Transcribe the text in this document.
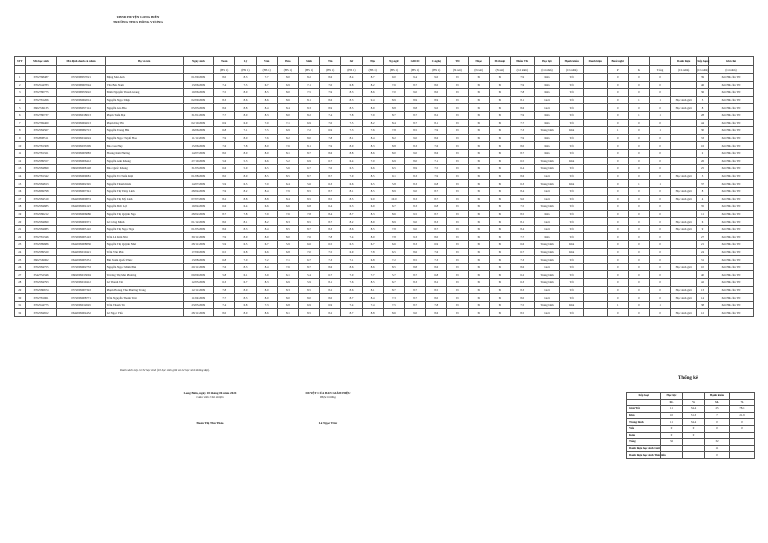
UBND HUYỆN LONG BIÊN
TRƯỜNG THCS HỒNG VƯƠNG
STT	Mã học sinh	Mã định danh cá nhân	Họ và tên	Ngày sinh	Toán	Lý	Văn	Hóa	Sinh	Tin	Sử	Địa	Ng.ngữ	GDCD	C.nghệ	TD	Nhạc	M.thuật	Điểm TK	Học lực	Hạnh kiểm	Danh hiệu	Buổi nghỉ			Danh hiệu	Xếp hạng	Ghi chú
					(HS 1)	(HS 1)	(HS 1)	(HS 1)	(HS 1)	(HS 1)	(HS 1)	(HS 1)	(HS 1)	(HS 1)	(HS 1)	(N.xét)	(N.xét)	(N.xét)	(Cả năm)	(Cả năm)	(Cả năm)		P	K	Tổng	(Cả năm)	(Cả năm)	(Cả năm)
1	3702768487	0372008057021	Đặng Mai Anh	01/09/2009	8.0	8.3	7.7	8.0	8.2	8.6	8.4	8.7	9.0	9.4	9.0	Đ	Đ	Đ	7.9	Khá	Tốt		0	0	0		39	Xét HK cần TN
2	3702544783	0372008067044	Văn Bảo Nam	13/06/2009	7.4	7.5	6.7	6.9	7.1	7.0	6.8	8.2	7.6	8.7	8.0	Đ	Đ	Đ	7.9	Khá	Tốt		0	0	0		46	Xét HK cần TN
3	3702780775	0372008053022	Đinh Nguyễn Thanh Giang	10/06/2009	7.5	8.0	8.5	8.0	7.5	7.9	8.3	8.6	7.0	9.0	8.0	Đ	Đ	Đ	7.8	Khá	Tốt		0	0	0		36	Xét HK cần TN
4	3702781266	0372009062014	Nguyễn Ngọc Diệp	02/09/2009	8.3	8.6	8.6	8.6	8.1	8.6	8.3	9.4	8.9	8.9	8.9	Đ	Đ	Đ	8.1	Giỏi	Tốt		0	1	1	Học sinh giỏi	5	Xét HK cần TN
5	3602749135	0372009057114	Nguyễn Gia Bảo	05/03/2009	8.6	8.8	8.4	8.4	8.3	8.9	8.5	8.9	8.8	8.8	9.0	Đ	Đ	Đ	8.6	Giỏi	Tốt		0	0	0	Học sinh giỏi	8	Xét HK cần TN
6	3702780737	0372009018013	Phạm Tuấn Đạt	31/01/2009	7.7	8.0	8.3	8.0	8.2	7.4	7.8	7.9	8.7	8.7	8.2	Đ	Đ	Đ	7.9	Khá	Tốt		0	1	1		28	Xét HK cần TN
7	3702769460	0372009004013	Phạm Duy Hà	02/10/2009	6.9	6.9	7.0	7.1	6.9	7.0	7.5	8.2	8.4	8.7	8.1	Đ	Đ	Đ	7.7	Khá	Tốt		0	0	0		44	Xét HK cần TN
8	3702584567	0372008082713	Nguyễn Trung Hải	16/06/2009	6.8	7.1	7.5	6.9	7.2	6.9	7.3	7.6	7.8	8.5	7.9	Đ	Đ	Đ	7.3	Trung bình	Khá		1	0	1		30	Xét HK cần TN
9	3702808511	0372009014024	Nguyễn Ngọc Tuyết Hoa	11/11/2009	7.9	8.0	7.6	8.2	8.0	7.8	8.1	8.4	8.2	9.0	8.6	Đ	Đ	Đ	7.9	Khá	Tốt		0	0	0		33	Xét HK cần TN
10	3702781308	0372009033309	Đào Gia Huy	15/06/2009	7.6	7.8	8.0	7.6	8.1	7.9	8.0	8.3	8.8	8.3	7.6	Đ	Đ	Đ	8.0	Khá	Tốt		0	0	0		16	Xét HK cần TN
11	3702781321	0372009003883	Hoàng Kim Hương	14/07/2009	8.0	8.0	8.0	8.1	8.7	8.6	8.8	8.6	8.0	9.0	8.6	Đ	Đ	Đ	8.7	Khá	Tốt		0	0	0		2	Xét HK cần TN
12	3702589557	0372009006412	Nguyễn Anh Khang	27/10/2009	5.6	5.3	6.6	5.2	6.9	6.7	6.4	7.0	6.9	8.0	7.1	Đ	Đ	Đ	6.5	Trung bình	Khá		0	0	0		26	Xét HK cần TN
13	3702584899	0602009008148	Đào Quốc Khang	31/03/2009	6.6	5.9	6.5	5.6	6.7	7.0	6.5	6.6	6.5	8.9	7.5	Đ	Đ	Đ	6.4	Trung bình	Tốt		0	0	0		25	Xét HK cần TN
14	3702781342	0372009009681	Nguyễn Trí Tuấn Kiệt	01/08/2009	8.0	8.0	8.5	8.5	8.7	8.7	7.9	8.5	9.1	8.3	7.9	Đ	Đ	Đ	8.6	Giỏi	Tốt		0	0	0	Học sinh giỏi	3	Xét HK cần TN
15	3702584813	0372009002345	Nguyễn Thành Kiên	14/07/2009	5.9	6.5	7.0	6.4	5.6	6.3	6.6	6.5	5.8	8.3	6.8	Đ	Đ	Đ	6.3	Trung bình	Khá		0	1	1		37	Xét HK cần TN
16	3702669798	0372009007341	Nguyễn Thị Thùy Linh	28/04/2009	7.9	8.2	8.4	7.9	8.5	8.7	8.1	8.5	8.9	9.0	8.7	Đ	Đ	Đ	8.4	Giỏi	Tốt		0	0	0	Học sinh giỏi	8	Xét HK cần TN
17	3702584519	0642009000874	Nguyễn Thị Mỹ Linh	07/07/2009	8.2	8.8	8.8	8.4	8.5	8.5	8.5	9.0	10.0	8.3	8.7	Đ	Đ	Đ	9.0	Giỏi	Tốt		0	0	0	Học sinh giỏi	4	Xét HK cần TN
18	3702584685	0642009004123	Nguyễn Đức Lợi	19/04/2009	6.6	6.4	6.6	6.6	6.8	6.4	6.3	6.9	6.7	8.3	6.8	Đ	Đ	Đ	7.5	Trung bình	Tốt		0	0	0		35	Xét HK cần TN
19	3702586212	0372009006686	Nguyễn Thị Quỳnh Nga	28/02/2009	8.7	7.8	7.9	7.6	7.8	8.4	8.7	8.3	8.6	9.5	8.7	Đ	Đ	Đ	8.5	Khá	Tốt		0	0	0		11	Xét HK cần TN
20	3702584990	0372009009371	Lê Công Minh	01/12/2009	8.0	8.1	8.2	8.3	8.5	8.7	8.2	8.9	8.9	9.0	8.3	Đ	Đ	Đ	8.1	Giỏi	Tốt		0	0	0	Học sinh giỏi	6	Xét HK cần TN
21	3702584985	0372009005122	Nguyễn Thị Ngọc Nga	01/05/2009	8.6	8.3	8.4	8.5	8.7	8.3	8.6	8.5	7.8	9.0	8.7	Đ	Đ	Đ	8.4	Giỏi	Tốt		0	0	0	Học sinh giỏi	9	Xét HK cần TN
22	3702781346	0372009005143	Trần Lê Kim Nhi	30/11/2009	7.9	8.0	8.0	8.0	7.6	7.8	7.4	8.0	7.8	9.3	8.0	Đ	Đ	Đ	7.7	Khá	Tốt		0	0	0		27	Xét HK cần TN
23	3702589686	0642009008836	Nguyễn Thị Quỳnh Như	28/11/2009	5.9	6.5	6.7	5.9	6.6	6.5	6.3	6.7	6.6	8.3	6.9	Đ	Đ	Đ	6.6	Trung bình	Khá		0	0	0		21	Xét HK cần TN
24	3702589520	0642009010421	Trần Văn Phú	17/09/2009	6.5	6.8	6.6	6.8	7.0	7.5	6.9	7.8	6.5	8.6	7.6	Đ	Đ	Đ	6.7	Trung bình	Khá		0	0	0		24	Xét HK cần TN
25	3602749062	0642009005351	Bùi Xuân Quốc Phúc	13/08/2009	6.8	7.0	7.2	7.1	6.7	7.3	7.1	6.8	7.2	8.5	7.3	Đ	Đ	Đ	7.3	Trung bình	Tốt		0	0	0		31	Xét HK cần TN
26	3702584755	0372009002753	Nguyễn Ngọc Minh Phú	20/11/2009	7.6	8.3	8.4	7.6	8.7	8.6	8.6	8.6	8.5	8.8	8.6	Đ	Đ	Đ	8.6	Giỏi	Tốt		0	0	0	Học sinh giỏi	10	Xét HK cần TN
27	3542752346	0602009013004	Trương Thị Mai Phương	09/09/2009	5.8	6.1	5.9	6.1	5.4	6.7	7.0	7.7	5.7	8.7	6.8	Đ	Đ	Đ	6.2	Trung bình	Tốt		0	0	0		40	Xét HK cần TN
28	3702584793	0372009010412	Lê Thanh Tài	12/05/2009	6.3	6.7	8.3	6.9	5.9	8.1	7.6	8.5	6.7	8.3	8.2	Đ	Đ	Đ	6.3	Trung bình	Tốt		0	0	0		42	Xét HK cần TN
29	3702586674	0372009007343	Phạm Hoàng Thu Phương Trang	12/11/2009	7.8	8.0	8.0	8.3	8.5	8.2	8.6	8.1	8.7	8.7	8.5	Đ	Đ	Đ	8.3	Giỏi	Tốt		0	0	0	Học sinh giỏi	13	Xét HK cần TN
30	3702781961	0372009008771	Trần Nguyễn Thanh Trúc	11/04/2009	7.7	8.3	8.0	8.0	8.0	8.0	8.7	8.4	7.3	8.7	8.0	Đ	Đ	Đ	8.0	Giỏi	Tốt		0	0	0	Học sinh giỏi	14	Xét HK cần TN
31	3702544775	0372009012645	Trần Thanh Tú	23/05/2009	7.4	6.8	7.3	6.8	6.9	6.9	7.4	7.4	7.5	8.7	7.8	Đ	Đ	Đ	7.5	Trung bình	Khá		1	0	1		38	Xét HK cần TN
32	3702584652	0642009004452	Lê Ngọc Yến	28/11/2009	8.0	8.0	8.6	8.1	8.5	8.2	8.7	8.8	8.6	9.0	8.6	Đ	Đ	Đ	8.5	Giỏi	Tốt		0	0	0	Học sinh giỏi	12	Xét HK cần TN
Danh sách này có 32 học sinh (10 học sinh giỏi và 22 học sinh không đạt).
Long Biên, ngày 18 tháng 06 năm 2024
Giáo viên Chủ nhiệm
Đoàn Thị Thu Thảo
DUYỆT CỦA BAN GIÁM HIỆU
Hiệu trưởng
Lê Ngọc Trúc
Thống kê
Xếp loại	Học lực		Hạnh kiểm	
	SL	%	SL	%
Giỏi/Tốt	11	34.4	25	78.1
Khá	10	31.3	7	21.9
Trung bình	11	34.4	0	0
Yếu	0	0	0	0
Kém	0	0		
Tổng	32		32	
Danh hiệu học sinh Giỏi			11	
Danh hiệu học sinh Tiên tiến			0	
